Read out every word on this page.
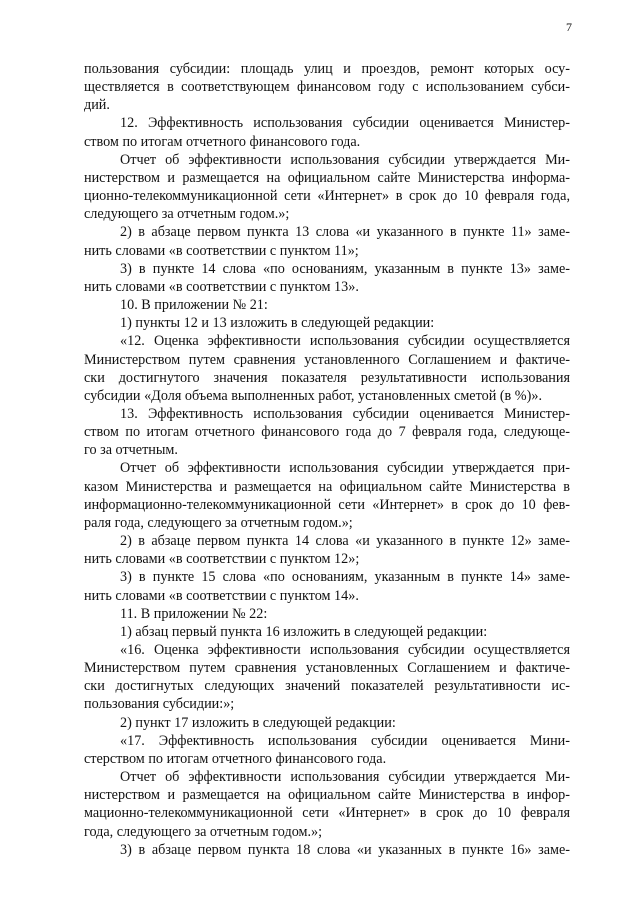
7
пользования субсидии: площадь улиц и проездов, ремонт которых осу-
ществляется в соответствующем финансовом году с использованием субси-
дий.
12. Эффективность использования субсидии оценивается Министер-
ством по итогам отчетного финансового года.
Отчет об эффективности использования субсидии утверждается Ми-
нистерством и размещается на официальном сайте Министерства информа-
ционно-телекоммуникационной сети «Интернет» в срок до 10 февраля года,
следующего за отчетным годом.»;
2) в абзаце первом пункта 13 слова «и указанного в пункте 11» заме-
нить словами «в соответствии с пунктом 11»;
3) в пункте 14 слова «по основаниям, указанным в пункте 13» заме-
нить словами «в соответствии с пунктом 13».
10. В приложении № 21:
1) пункты 12 и 13 изложить в следующей редакции:
«12. Оценка эффективности использования субсидии осуществляется
Министерством путем сравнения установленного Соглашением и фактиче-
ски достигнутого значения показателя результативности использования
субсидии «Доля объема выполненных работ, установленных сметой (в %)».
13. Эффективность использования субсидии оценивается Министер-
ством по итогам отчетного финансового года до 7 февраля года, следующе-
го за отчетным.
Отчет об эффективности использования субсидии утверждается при-
казом Министерства и размещается на официальном сайте Министерства в
информационно-телекоммуникационной сети «Интернет» в срок до 10 фев-
раля года, следующего за отчетным годом.»;
2) в абзаце первом пункта 14 слова «и указанного в пункте 12» заме-
нить словами «в соответствии с пунктом 12»;
3) в пункте 15 слова «по основаниям, указанным в пункте 14» заме-
нить словами «в соответствии с пунктом 14».
11. В приложении № 22:
1) абзац первый пункта 16 изложить в следующей редакции:
«16. Оценка эффективности использования субсидии осуществляется
Министерством путем сравнения установленных Соглашением и фактиче-
ски достигнутых следующих значений показателей результативности ис-
пользования субсидии:»;
2) пункт 17 изложить в следующей редакции:
«17. Эффективность использования субсидии оценивается Мини-
стерством по итогам отчетного финансового года.
Отчет об эффективности использования субсидии утверждается Ми-
нистерством и размещается на официальном сайте Министерства в инфор-
мационно-телекоммуникационной сети «Интернет» в срок до 10 февраля
года, следующего за отчетным годом.»;
3) в абзаце первом пункта 18 слова «и указанных в пункте 16» заме-
